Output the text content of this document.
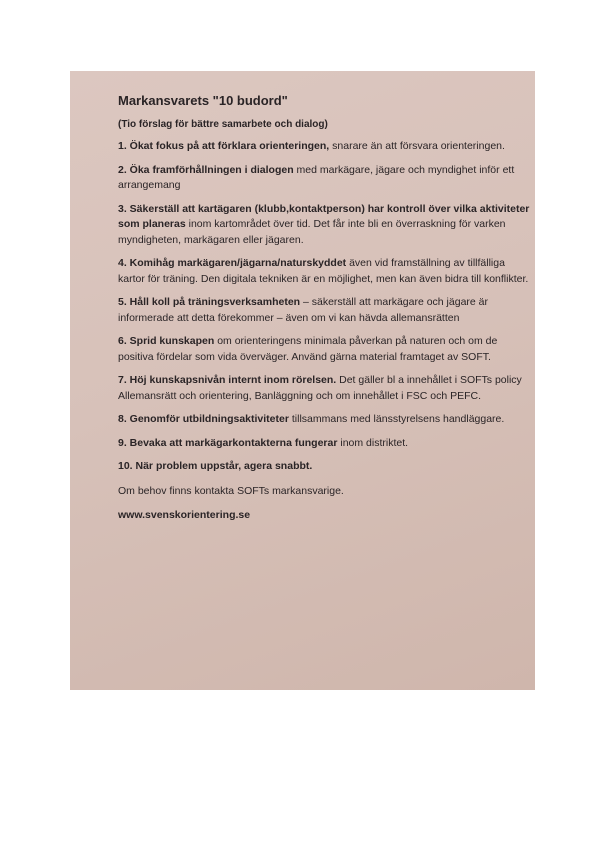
Markansvarets "10 budord"
(Tio förslag för bättre samarbete och dialog)
1. Ökat fokus på att förklara orienteringen, snarare än att försvara orienteringen.
2. Öka framförhållningen i dialogen med markägare, jägare och myndighet inför ett arrangemang
3. Säkerställ att kartägaren (klubb,kontaktperson) har kontroll över vilka aktiviteter som planeras inom kartområdet över tid. Det får inte bli en överraskning för varken myndigheten, markägaren eller jägaren.
4. Komihåg markägaren/jägarna/naturskyddet även vid framställning av tillfälliga kartor för träning. Den digitala tekniken är en möjlighet, men kan även bidra till konflikter.
5. Håll koll på träningsverksamheten – säkerställ att markägare och jägare är informerade att detta förekommer – även om vi kan hävda allemansrätten
6. Sprid kunskapen om orienteringens minimala påverkan på naturen och om de positiva fördelar som vida överväger. Använd gärna material framtaget av SOFT.
7. Höj kunskapsnivån internt inom rörelsen. Det gäller bl a innehållet i SOFTs policy Allemansrätt och orientering, Banläggning och om innehållet i FSC och PEFC.
8. Genomför utbildningsaktiviteter tillsammans med länsstyrelsens handläggare.
9. Bevaka att markägarkontakterna fungerar inom distriktet.
10. När problem uppstår, agera snabbt.
Om behov finns kontakta SOFTs markansvarige.
www.svenskorientering.se
